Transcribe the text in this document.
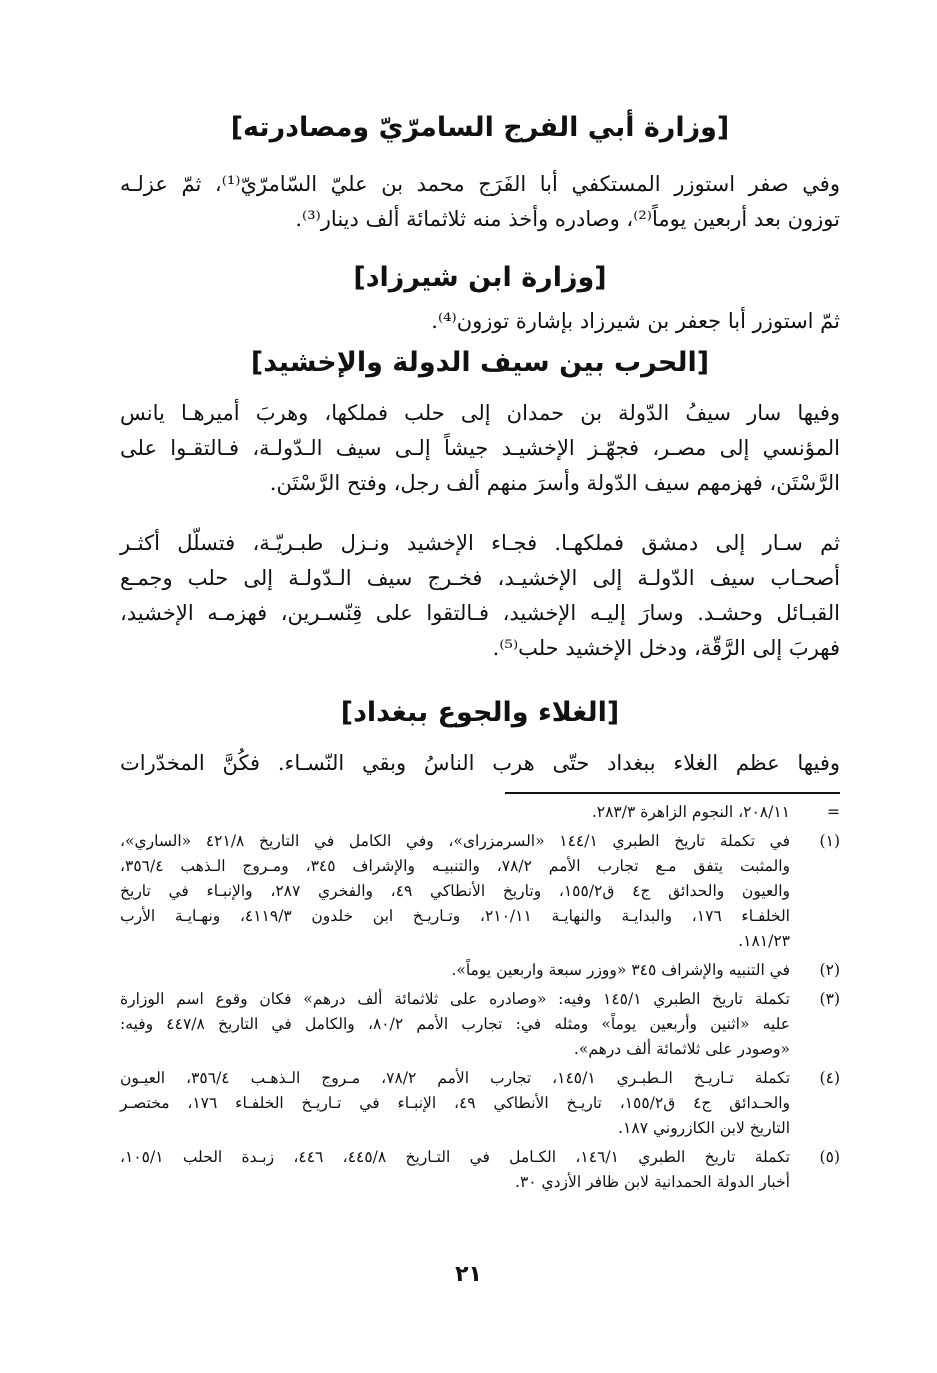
[وزارة أبي الفرج السامرّيّ ومصادرته]
وفي صفر استوزر المستكفي أبا الفَرَج محمد بن عليّ السّامرّيّ⁽¹⁾، ثمّ عزلـه
توزون بعد أربعين يوماً⁽²⁾، وصادره وأخذ منه ثلاثمائة ألف دينار⁽³⁾.
[وزارة ابن شيرزاد]
ثمّ استوزر أبا جعفر بن شيرزاد بإشارة توزون⁽⁴⁾.
[الحرب بين سيف الدولة والإخشيد]
وفيها سار سيفُ الدّولة بن حمدان إلى حلب فملكها، وهربَ أميرهـا يانس
المؤنسي إلى مصـر، فجهّـز الإخشيـد جيشاً إلـى سيف الـدّولـة، فـالتقـوا على
الرَّسْتَن، فهزمهم سيف الدّولة وأسرَ منهم ألف رجل، وفتح الرَّسْتَن.
ثم سـار إلى دمشق فملكهـا. فجـاء الإخشيد ونـزل طبـريّـة، فتسلّل أكثـر
أصحـاب سيف الدّولـة إلى الإخشيـد، فخـرج سيف الـدّولـة إلى حلب وجمـع
القبـائل وحشـد. وسارَ إليـه الإخشيد، فـالتقوا على قِنّسـرين، فهزمـه الإخشيد،
فهربَ إلى الرَّقّة، ودخل الإخشيد حلب⁽⁵⁾.
[الغلاء والجوع ببغداد]
وفيها عظم الغلاء ببغداد حتّى هرب الناسُ وبقي النّسـاء. فكُنَّ المخدّرات
=
٢٠٨/١١، النجوم الزاهرة ٢٨٣/٣.
(١)
في تكملة تاريخ الطبري ١٤٤/١ «السرمزراى»، وفي الكامل في التاريخ ٤٢١/٨ «الساري»،
والمثبت يتفق مـع تجارب الأمم ٧٨/٢، والتنبيـه والإشراف ٣٤٥، ومـروج الـذهب ٣٥٦/٤،
والعيون والحدائق ج٤ ق١٥٥/٢، وتاريخ الأنطاكي ٤٩، والفخري ٢٨٧، والإنبـاء في تاريخ
الخلفـاء ١٧٦، والبدايـة والنهايـة ٢١٠/١١، وتـاريـخ ابن خلدون ٤١١٩/٣، ونهـايـة الأرب
١٨١/٢٣.
(٢)
في التنبيه والإشراف ٣٤٥ «ووزر سبعة واربعين يوماً».
(٣)
تكملة تاريخ الطبري ١٤٥/١ وفيه: «وصادره على ثلاثمائة ألف درهم» فكان وقوع اسم الوزارة
عليه «اثنين وأربعين يوماً» ومثله في: تجارب الأمم ٨٠/٢، والكامل في التاريخ ٤٤٧/٨ وفيه:
«وصودر على ثلاثمائة ألف درهم».
(٤)
تكملة تـاريـخ الـطبـري ١٤٥/١، تجارب الأمم ٧٨/٢، مـروج الـذهـب ٣٥٦/٤، العيـون
والحـدائق ج٤ ق١٥٥/٢، تاريـخ الأنطاكي ٤٩، الإنبـاء في تـاريـخ الخلفـاء ١٧٦، مختصـر
التاريخ لابن الكازروني ١٨٧.
(٥)
تكملة تاريخ الطبري ١٤٦/١، الكـامل في التـاريخ ٤٤٥/٨، ٤٤٦، زبـدة الحلب ١٠٥/١،
أخبار الدولة الحمدانية لابن ظافر الأزدي ٣٠.
٢١
